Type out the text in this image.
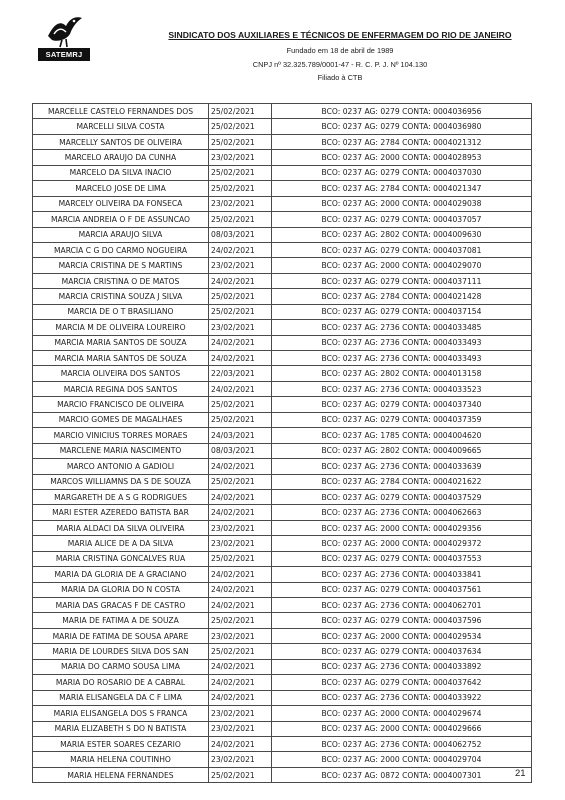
SATEMRJ
SINDICATO DOS AUXILIARES E TÉCNICOS DE ENFERMAGEM DO RIO DE JANEIRO
Fundado em 18 de abril de 1989
CNPJ nº 32.325.789/0001-47 - R. C. P. J. Nº 104.130
Filiado à CTB
MARCELLE CASTELO FERNANDES DOS	25/02/2021	BCO: 0237 AG: 0279 CONTA: 0004036956
MARCELLI SILVA COSTA	25/02/2021	BCO: 0237 AG: 0279 CONTA: 0004036980
MARCELLY SANTOS DE OLIVEIRA	25/02/2021	BCO: 0237 AG: 2784 CONTA: 0004021312
MARCELO ARAUJO DA CUNHA	23/02/2021	BCO: 0237 AG: 2000 CONTA: 0004028953
MARCELO DA SILVA INACIO	25/02/2021	BCO: 0237 AG: 0279 CONTA: 0004037030
MARCELO JOSE DE LIMA	25/02/2021	BCO: 0237 AG: 2784 CONTA: 0004021347
MARCELY OLIVEIRA DA FONSECA	23/02/2021	BCO: 0237 AG: 2000 CONTA: 0004029038
MARCIA ANDREIA O F DE ASSUNCAO	25/02/2021	BCO: 0237 AG: 0279 CONTA: 0004037057
MARCIA ARAUJO SILVA	08/03/2021	BCO: 0237 AG: 2802 CONTA: 0004009630
MARCIA C G DO CARMO NOGUEIRA	24/02/2021	BCO: 0237 AG: 0279 CONTA: 0004037081
MARCIA CRISTINA DE S MARTINS	23/02/2021	BCO: 0237 AG: 2000 CONTA: 0004029070
MARCIA CRISTINA O DE MATOS	24/02/2021	BCO: 0237 AG: 0279 CONTA: 0004037111
MARCIA CRISTINA SOUZA J SILVA	25/02/2021	BCO: 0237 AG: 2784 CONTA: 0004021428
MARCIA DE O T BRASILIANO	25/02/2021	BCO: 0237 AG: 0279 CONTA: 0004037154
MARCIA M DE OLIVEIRA LOUREIRO	23/02/2021	BCO: 0237 AG: 2736 CONTA: 0004033485
MARCIA MARIA SANTOS DE SOUZA	24/02/2021	BCO: 0237 AG: 2736 CONTA: 0004033493
MARCIA MARIA SANTOS DE SOUZA	24/02/2021	BCO: 0237 AG: 2736 CONTA: 0004033493
MARCIA OLIVEIRA DOS SANTOS	22/03/2021	BCO: 0237 AG: 2802 CONTA: 0004013158
MARCIA REGINA DOS SANTOS	24/02/2021	BCO: 0237 AG: 2736 CONTA: 0004033523
MARCIO FRANCISCO DE OLIVEIRA	25/02/2021	BCO: 0237 AG: 0279 CONTA: 0004037340
MARCIO GOMES DE MAGALHAES	25/02/2021	BCO: 0237 AG: 0279 CONTA: 0004037359
MARCIO VINICIUS TORRES MORAES	24/03/2021	BCO: 0237 AG: 1785 CONTA: 0004004620
MARCLENE MARIA NASCIMENTO	08/03/2021	BCO: 0237 AG: 2802 CONTA: 0004009665
MARCO ANTONIO A GADIOLI	24/02/2021	BCO: 0237 AG: 2736 CONTA: 0004033639
MARCOS WILLIAMNS DA S DE SOUZA	25/02/2021	BCO: 0237 AG: 2784 CONTA: 0004021622
MARGARETH DE A S G RODRIGUES	24/02/2021	BCO: 0237 AG: 0279 CONTA: 0004037529
MARI ESTER AZEREDO BATISTA BAR	24/02/2021	BCO: 0237 AG: 2736 CONTA: 0004062663
MARIA ALDACI DA SILVA OLIVEIRA	23/02/2021	BCO: 0237 AG: 2000 CONTA: 0004029356
MARIA ALICE DE A DA SILVA	23/02/2021	BCO: 0237 AG: 2000 CONTA: 0004029372
MARIA CRISTINA GONCALVES RUA	25/02/2021	BCO: 0237 AG: 0279 CONTA: 0004037553
MARIA DA GLORIA DE A GRACIANO	24/02/2021	BCO: 0237 AG: 2736 CONTA: 0004033841
MARIA DA GLORIA DO N COSTA	24/02/2021	BCO: 0237 AG: 0279 CONTA: 0004037561
MARIA DAS GRACAS F DE CASTRO	24/02/2021	BCO: 0237 AG: 2736 CONTA: 0004062701
MARIA DE FATIMA A DE SOUZA	25/02/2021	BCO: 0237 AG: 0279 CONTA: 0004037596
MARIA DE FATIMA DE SOUSA APARE	23/02/2021	BCO: 0237 AG: 2000 CONTA: 0004029534
MARIA DE LOURDES SILVA DOS SAN	25/02/2021	BCO: 0237 AG: 0279 CONTA: 0004037634
MARIA DO CARMO SOUSA LIMA	24/02/2021	BCO: 0237 AG: 2736 CONTA: 0004033892
MARIA DO ROSARIO DE A CABRAL	24/02/2021	BCO: 0237 AG: 0279 CONTA: 0004037642
MARIA ELISANGELA DA C F LIMA	24/02/2021	BCO: 0237 AG: 2736 CONTA: 0004033922
MARIA ELISANGELA DOS S FRANCA	23/02/2021	BCO: 0237 AG: 2000 CONTA: 0004029674
MARIA ELIZABETH S DO N BATISTA	23/02/2021	BCO: 0237 AG: 2000 CONTA: 0004029666
MARIA ESTER SOARES CEZARIO	24/02/2021	BCO: 0237 AG: 2736 CONTA: 0004062752
MARIA HELENA COUTINHO	23/02/2021	BCO: 0237 AG: 2000 CONTA: 0004029704
MARIA HELENA FERNANDES	25/02/2021	BCO: 0237 AG: 0872 CONTA: 0004007301	21
